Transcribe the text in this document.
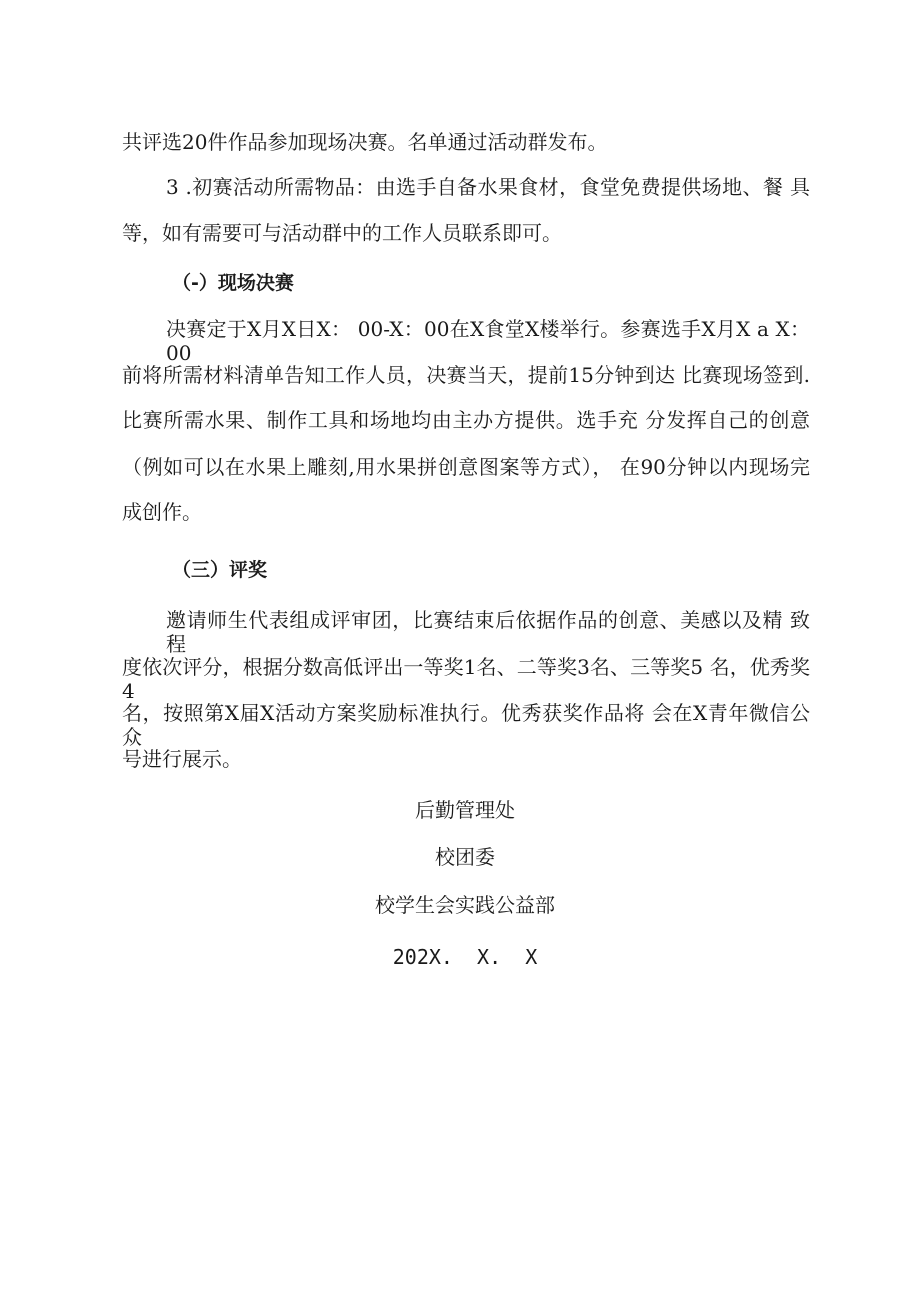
共评选20件作品参加现场决赛。名单通过活动群发布。
3 .初赛活动所需物品：由选手自备水果食材，食堂免费提供场地、餐 具
等，如有需要可与活动群中的工作人员联系即可。
（-）现场决赛
决赛定于X月X日X： 00-X：00在X食堂X楼举行。参赛选手X月X a X： 00
前将所需材料清单告知工作人员，决赛当天，提前15分钟到达 比赛现场签到.
比赛所需水果、制作工具和场地均由主办方提供。选手充 分发挥自己的创意
（例如可以在水果上雕刻,用水果拼创意图案等方式）， 在90分钟以内现场完
成创作。
（三）评奖
邀请师生代表组成评审团，比赛结束后依据作品的创意、美感以及精 致程
度依次评分，根据分数高低评出一等奖1名、二等奖3名、三等奖5 名，优秀奖4
名，按照第X届X活动方案奖励标准执行。优秀获奖作品将 会在X青年微信公众
号进行展示。
后勤管理处
校团委
校学生会实践公益部
202X.  X.  X
